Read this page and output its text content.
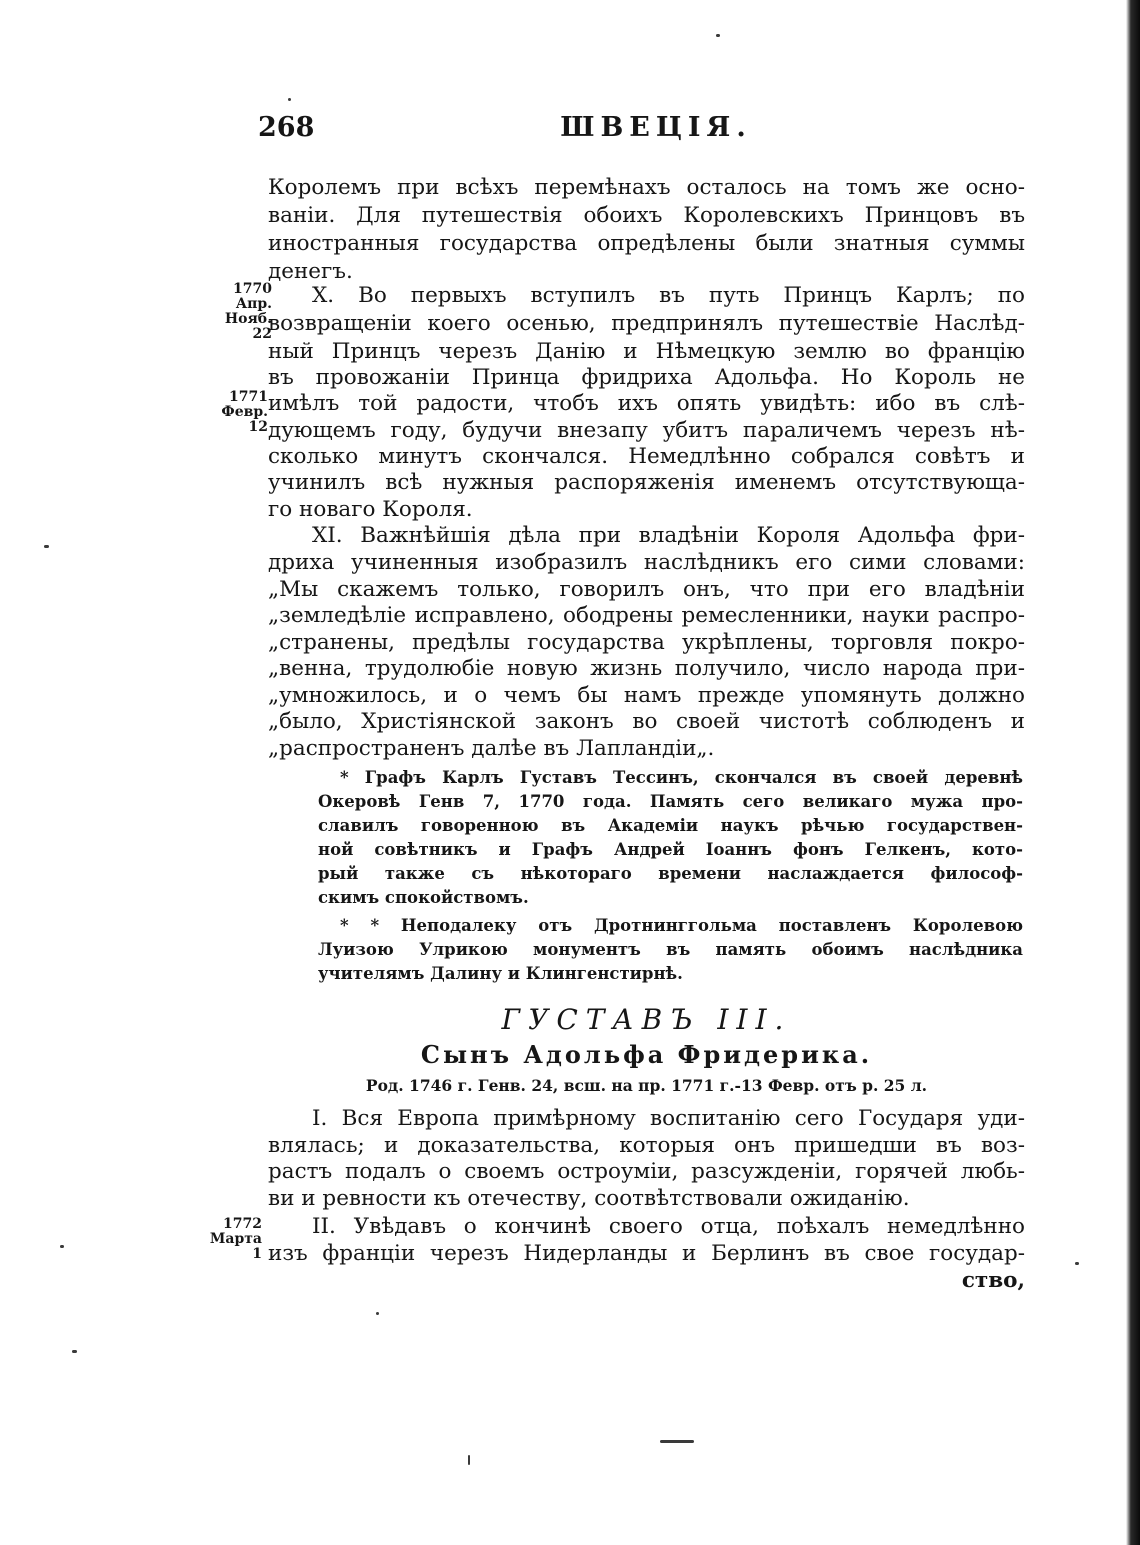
268	ШВЕЦІЯ.
1770
Апр.
Нояб.
22
1771
Февр.
12
1772
Марта
1
Королемъ при всѣхъ перемѣнахъ осталось на томъ же осно-
ваніи. Для путешествія обоихъ Королевскихъ Принцовъ въ
иностранныя государства опредѣлены были знатныя суммы
денегъ.
X. Во первыхъ вступилъ въ путь Принцъ Карлъ; по
возвращеніи коего осенью, предпринялъ путешествіе Наслѣд-
ный Принцъ черезъ Данію и Нѣмецкую землю во францію
въ провожаніи Принца фридриха Адольфа. Но Король не
имѣлъ той радости, чтобъ ихъ опять увидѣть: ибо въ слѣ-
дующемъ году, будучи внезапу убитъ параличемъ черезъ нѣ-
сколько минутъ скончался. Немедлѣнно собрался совѣтъ и
учинилъ всѣ нужныя распоряженія именемъ отсутствующа-
го новаго Короля.
XI. Важнѣйшія дѣла при владѣніи Короля Адольфа фри-
дриха учиненныя изобразилъ наслѣдникъ его сими словами:
„Мы скажемъ только, говорилъ онъ, что при его владѣніи
„земледѣліе исправлено, ободрены ремесленники, науки распро-
„странены, предѣлы государства укрѣплены, торговля покро-
„венна, трудолюбіе новую жизнь получило, число народа при-
„умножилось, и о чемъ бы намъ прежде упомянуть должно
„было, Христіянской законъ во своей чистотѣ соблюденъ и
„распространенъ далѣе въ Лапландіи„.
* Графъ Карлъ Густавъ Тессинъ, скончался въ своей деревнѣ
Океровѣ Генв 7, 1770 года. Память сего великаго мужа про-
славилъ говоренною въ Академіи наукъ рѣчью государствен-
ной совѣтникъ и Графъ Андрей Іоаннъ фонъ Гелкенъ, кото-
рый также съ нѣкотораго времени наслаждается философ-
скимъ спокойствомъ.
* * Неподалеку отъ Дротнинггольма поставленъ Королевою
Луизою Улрикою монументъ въ память обоимъ наслѣдника
учителямъ Далину и Клингенстирнѣ.
ГУСТАВЪ III.
Сынъ Адольфа Фридерика.
Род. 1746 г. Генв. 24, всш. на пр. 1771 г.-13 Февр. отъ р. 25 л.
I. Вся Европа примѣрному воспитанію сего Государя уди-
влялась; и доказательства, которыя онъ пришедши въ воз-
растъ подалъ о своемъ остроуміи, разсужденіи, горячей любь-
ви и ревности къ отечеству, соотвѣтствовали ожиданію.
II. Увѣдавъ о кончинѣ своего отца, поѣхалъ немедлѣнно
изъ франціи черезъ Нидерланды и Берлинъ въ свое государ-
ство,
